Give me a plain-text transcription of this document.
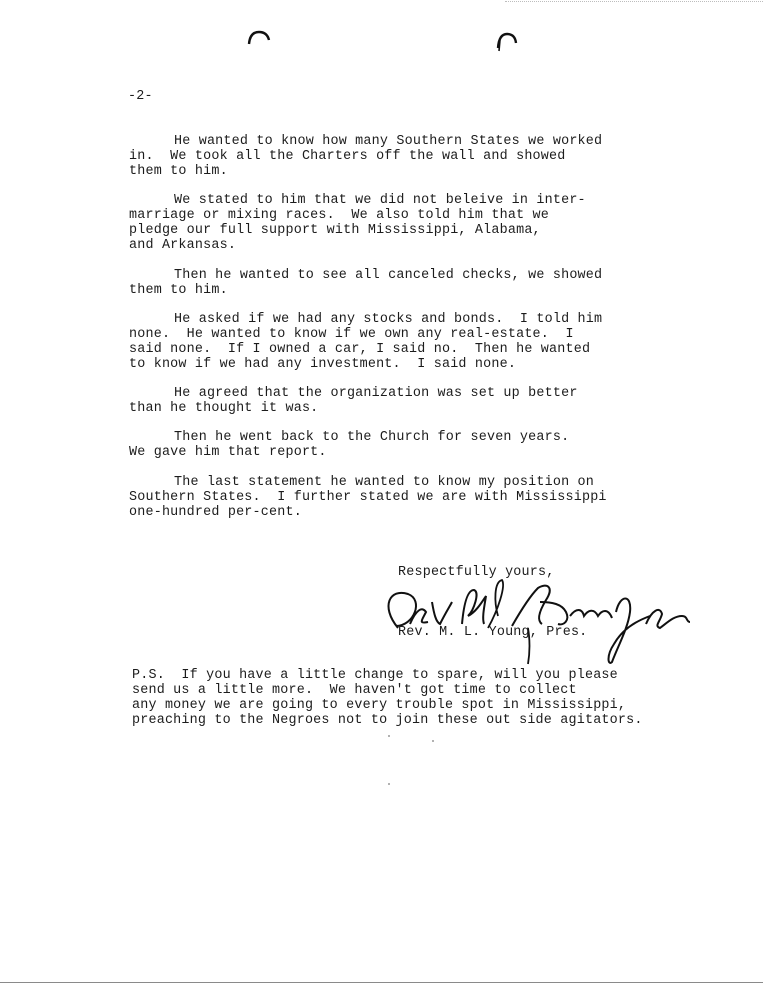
-2-
He wanted to know how many Southern States we worked
in.  We took all the Charters off the wall and showed
them to him.
We stated to him that we did not beleive in inter-
marriage or mixing races.  We also told him that we
pledge our full support with Mississippi, Alabama,
and Arkansas.
Then he wanted to see all canceled checks, we showed
them to him.
He asked if we had any stocks and bonds.  I told him
none.  He wanted to know if we own any real-estate.  I
said none.  If I owned a car, I said no.  Then he wanted
to know if we had any investment.  I said none.
He agreed that the organization was set up better
than he thought it was.
Then he went back to the Church for seven years.
We gave him that report.
The last statement he wanted to know my position on
Southern States.  I further stated we are with Mississippi
one-hundred per-cent.
Respectfully yours,
Rev. M. L. Young, Pres.
P.S.  If you have a little change to spare, will you please
send us a little more.  We haven't got time to collect
any money we are going to every trouble spot in Mississippi,
preaching to the Negroes not to join these out side agitators.
